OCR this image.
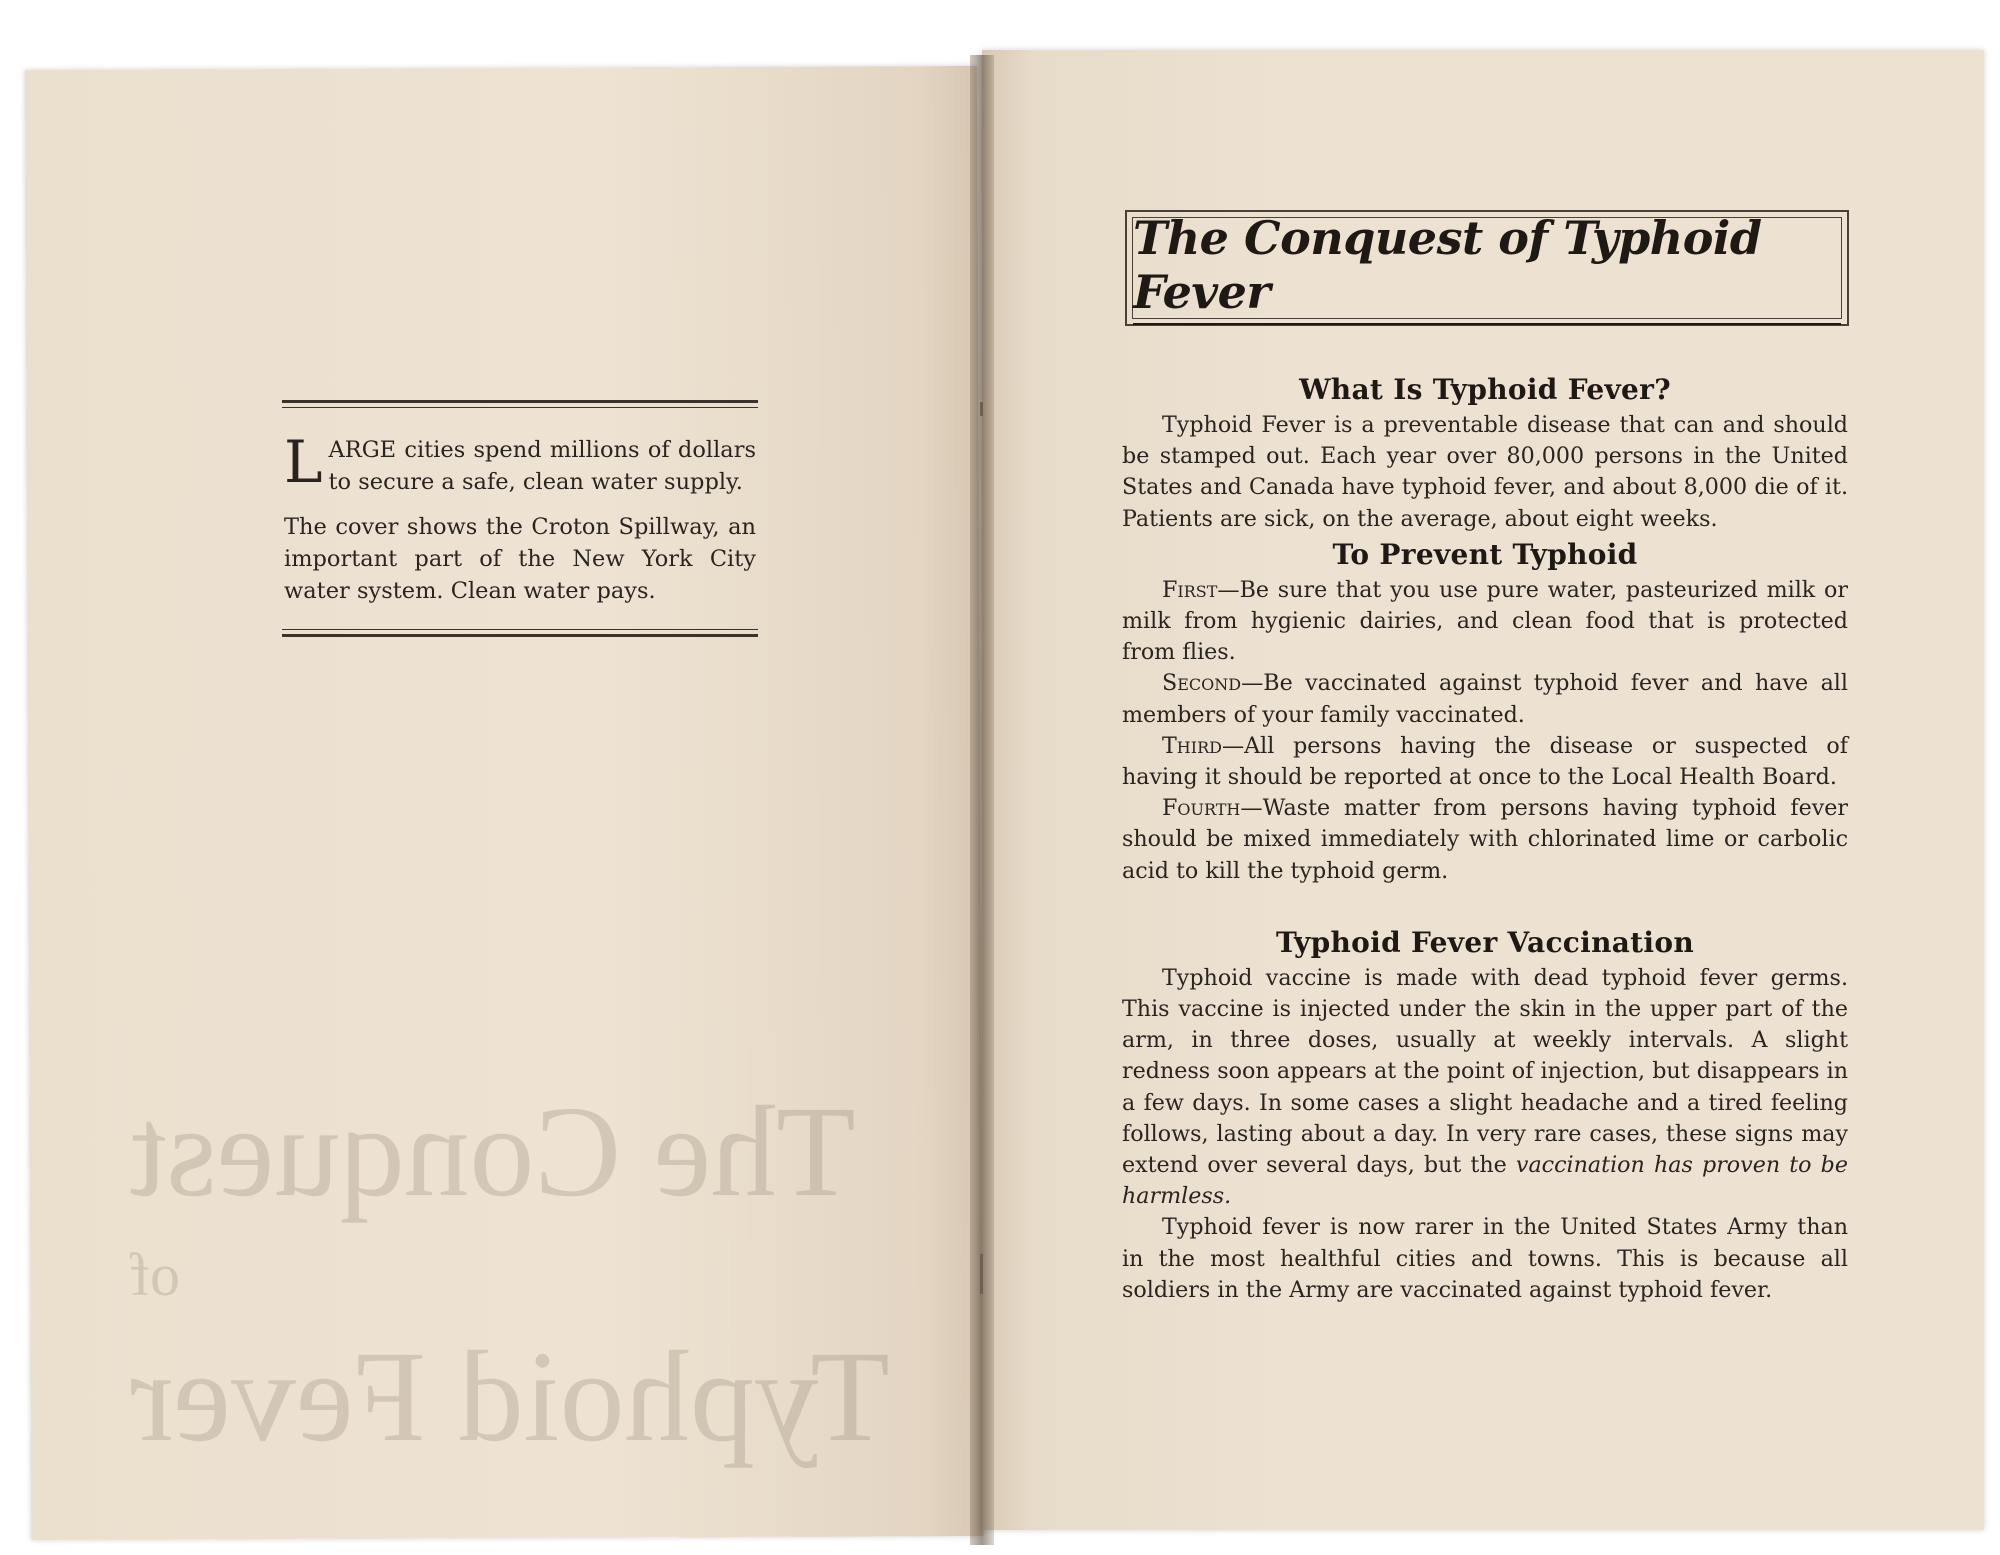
The Conquest
of
Typhoid Fever

L ARGE cities spend millions of dollars to secure a safe, clean water supply.

The cover shows the Croton Spillway, an important part of the New York City water system. Clean water pays.

The Conquest of Typhoid Fever
What Is Typhoid Fever?

Typhoid Fever is a preventable disease that can and should be stamped out. Each year over 80,000 persons in the United States and Canada have typhoid fever, and about 8,000 die of it. Patients are sick, on the average, about eight weeks.

To Prevent Typhoid

First—Be sure that you use pure water, pasteurized milk or milk from hygienic dairies, and clean food that is protected from flies.

Second—Be vaccinated against typhoid fever and have all members of your family vaccinated.

Third—All persons having the disease or suspected of having it should be reported at once to the Local Health Board.

Fourth—Waste matter from persons having typhoid fever should be mixed immediately with chlorinated lime or carbolic acid to kill the typhoid germ.

Typhoid Fever Vaccination

Typhoid vaccine is made with dead typhoid fever germs. This vaccine is injected under the skin in the upper part of the arm, in three doses, usually at weekly intervals. A slight redness soon appears at the point of injection, but disappears in a few days. In some cases a slight headache and a tired feeling follows, lasting about a day. In very rare cases, these signs may extend over several days, but the vaccination has proven to be harmless.

Typhoid fever is now rarer in the United States Army than in the most healthful cities and towns. This is because all soldiers in the Army are vaccinated against typhoid fever.
